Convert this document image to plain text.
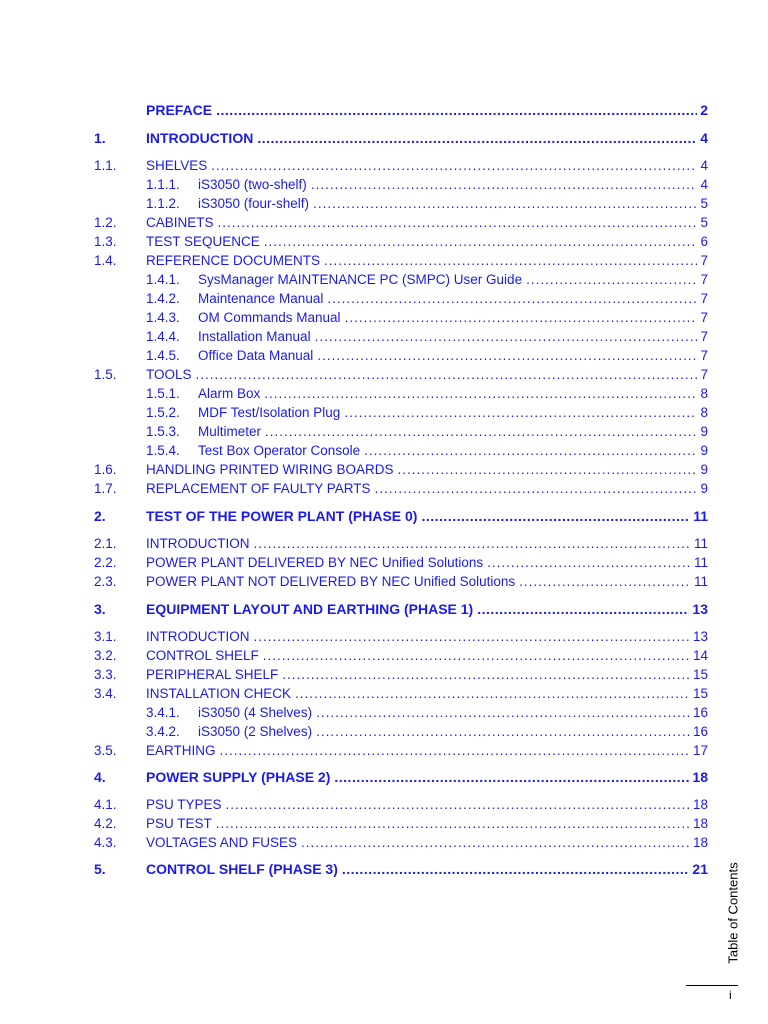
PREFACE .....	2
1.	INTRODUCTION .....	4
1.1. SHELVES .....	4
1.1.1. iS3050 (two-shelf) .....	4
1.1.2. iS3050 (four-shelf) .....	5
1.2. CABINETS .....	5
1.3. TEST SEQUENCE .....	6
1.4. REFERENCE DOCUMENTS .....	7
1.4.1. SysManager MAINTENANCE PC (SMPC) User Guide .....	7
1.4.2. Maintenance Manual .....	7
1.4.3. OM Commands Manual .....	7
1.4.4. Installation Manual .....	7
1.4.5. Office Data Manual .....	7
1.5. TOOLS .....	7
1.5.1. Alarm Box .....	8
1.5.2. MDF Test/Isolation Plug .....	8
1.5.3. Multimeter .....	9
1.5.4. Test Box Operator Console .....	9
1.6. HANDLING PRINTED WIRING BOARDS .....	9
1.7. REPLACEMENT OF FAULTY PARTS .....	9
2.	TEST OF THE POWER PLANT (PHASE 0) .....	11
2.1. INTRODUCTION .....	11
2.2. POWER PLANT DELIVERED BY NEC Unified Solutions .....	11
2.3. POWER PLANT NOT DELIVERED BY NEC Unified Solutions .....	11
3.	EQUIPMENT LAYOUT AND EARTHING (PHASE 1) .....	13
3.1. INTRODUCTION .....	13
3.2. CONTROL SHELF .....	14
3.3. PERIPHERAL SHELF .....	15
3.4. INSTALLATION CHECK .....	15
3.4.1. iS3050 (4 Shelves) .....	16
3.4.2. iS3050 (2 Shelves) .....	16
3.5. EARTHING .....	17
4.	POWER SUPPLY (PHASE 2) .....	18
4.1. PSU TYPES .....	18
4.2. PSU TEST .....	18
4.3. VOLTAGES AND FUSES .....	18
5.	CONTROL SHELF (PHASE 3) .....	21 Table of Contents
i
